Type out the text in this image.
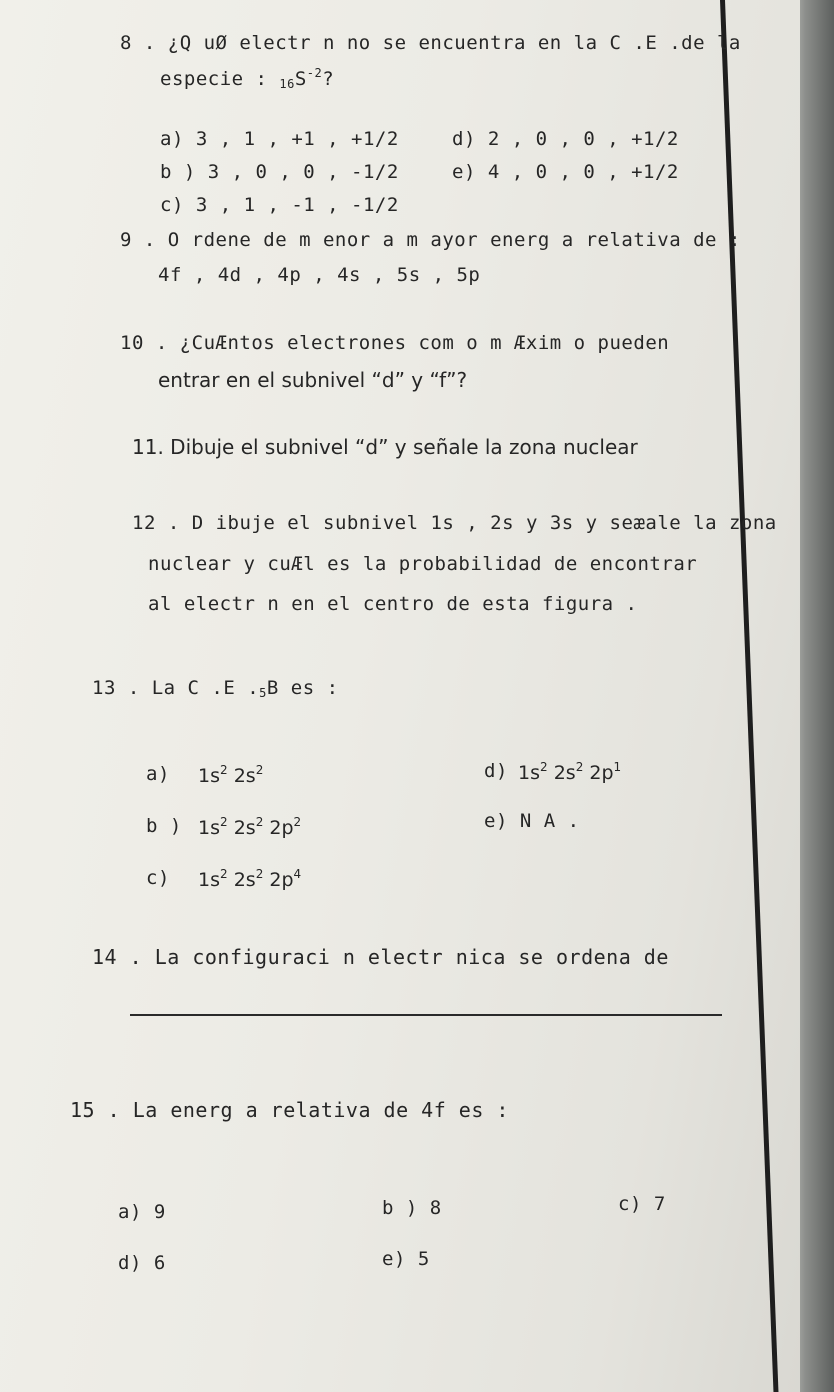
8 . ¿Q uØ electr n no se encuentra en la C .E .de la
especie : $_{16}S^{-2}$?
a) 3 , 1 , +1 , +1/2	d) 2 , 0 , 0 , +1/2
b ) 3 , 0 , 0 , -1/2	e) 4 , 0 , 0 , +1/2
c) 3 , 1 , -1 , -1/2
9 . O rdene de m enor a m ayor energ a relativa de :
4f , 4d , 4p , 4s , 5s , 5p
10 . ¿CuÆntos electrones com o m Æxim o pueden
entrar en el subnivel “d” y “f”?
11. Dibuje el subnivel “d” y señale la zona nuclear
12 . D ibuje el subnivel 1s , 2s y 3s y seæale la zona
nuclear y cuÆl es la probabilidad de encontrar
al electr n en el centro de esta figura .
13 . La C .E $._5B$ es :
a) $1s^2$ $2s^2$	d) $1s^2$ $2s^2$ $2p^1$
b ) $1s^2$ $2s^2$ $2p^2$	e) N A .
c) $1s^2$ $2s^2$ $2p^4$
14 . La configuraci n electr nica se ordena de
15 . La energ a relativa de 4f es :
a) 9	b ) 8	c) 7
d) 6	e) 5
